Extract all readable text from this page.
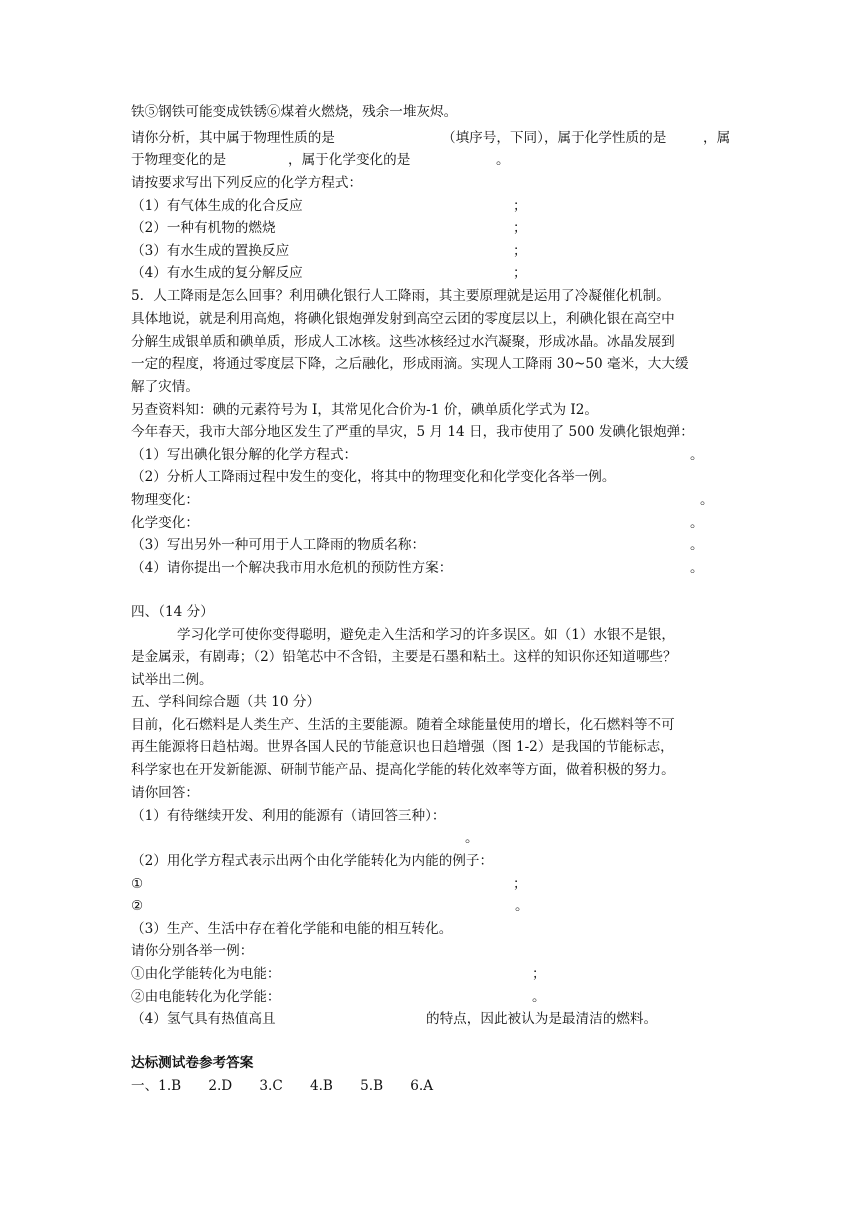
铁⑤钢铁可能变成铁锈⑥煤着火燃烧，残余一堆灰烬。
请你分析，其中属于物理性质的是	（填序号，下同），属于化学性质的是	，属
于物理变化的是	，属于化学变化的是	。
请按要求写出下列反应的化学方程式：
（1）有气体生成的化合反应	；
（2）一种有机物的燃烧	；
（3）有水生成的置换反应	；
（4）有水生成的复分解反应	；
5．人工降雨是怎么回事？利用碘化银行人工降雨，其主要原理就是运用了冷凝催化机制。
具体地说，就是利用高炮，将碘化银炮弹发射到高空云团的零度层以上，利碘化银在高空中
分解生成银单质和碘单质，形成人工冰核。这些冰核经过水汽凝聚，形成冰晶。冰晶发展到
一定的程度，将通过零度层下降，之后融化，形成雨滴。实现人工降雨 30~50 毫米，大大缓
解了灾情。
另查资料知：碘的元素符号为 I，其常见化合价为-1 价，碘单质化学式为 I2。
今年春天，我市大部分地区发生了严重的旱灾，5 月 14 日，我市使用了 500 发碘化银炮弹：
（1）写出碘化银分解的化学方程式：	。
（2）分析人工降雨过程中发生的变化，将其中的物理变化和化学变化各举一例。
物理变化：	。
化学变化：	。
（3）写出另外一种可用于人工降雨的物质名称：	。
（4）请你提出一个解决我市用水危机的预防性方案：	。
四、（14 分）
学习化学可使你变得聪明，避免走入生活和学习的许多误区。如（1）水银不是银，
是金属汞，有剧毒；（2）铅笔芯中不含铅，主要是石墨和粘土。这样的知识你还知道哪些？
试举出二例。
五、学科间综合题（共 10 分）
目前，化石燃料是人类生产、生活的主要能源。随着全球能量使用的增长，化石燃料等不可
再生能源将日趋枯竭。世界各国人民的节能意识也日趋增强（图 1-2）是我国的节能标志，
科学家也在开发新能源、研制节能产品、提高化学能的转化效率等方面，做着积极的努力。
请你回答：
（1）有待继续开发、利用的能源有（请回答三种）：
。
（2）用化学方程式表示出两个由化学能转化为内能的例子：
①	；
②	。
（3）生产、生活中存在着化学能和电能的相互转化。
请你分别各举一例：
①由化学能转化为电能：	；
②由电能转化为化学能：	。
（4）氢气具有热值高且	的特点，因此被认为是最清洁的燃料。
达标测试卷参考答案
一、1.B　　2.D　　3.C　　4.B　　5.B　　6.A
